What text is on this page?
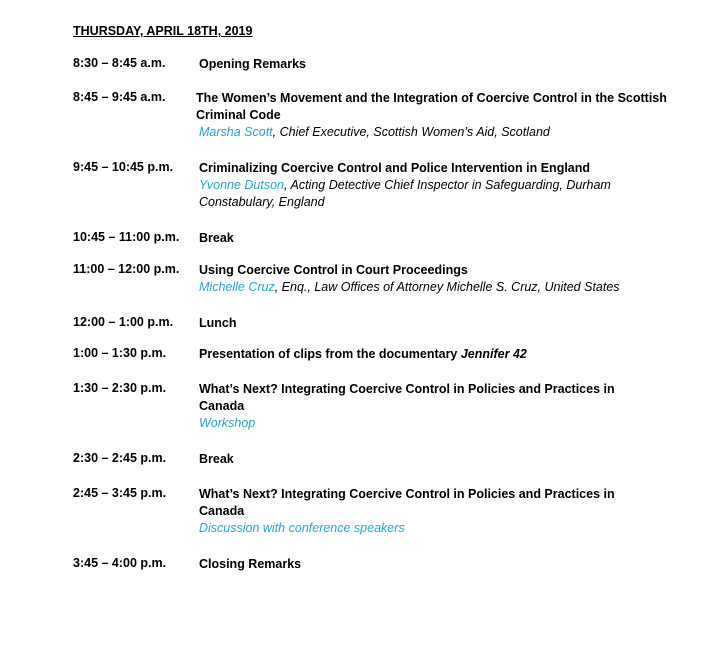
THURSDAY, APRIL 18TH, 2019
8:30 – 8:45 a.m.	Opening Remarks
8:45 – 9:45 a.m. The Women’s Movement and the Integration of Coercive Control in the Scottish Criminal Code
Marsha Scott, Chief Executive, Scottish Women’s Aid, Scotland
9:45 – 10:45 p.m. Criminalizing Coercive Control and Police Intervention in England
Yvonne Dutson, Acting Detective Chief Inspector in Safeguarding, Durham Constabulary, England
10:45 – 11:00 p.m. Break
11:00 – 12:00 p.m. Using Coercive Control in Court Proceedings
Michelle Cruz, Enq., Law Offices of Attorney Michelle S. Cruz, United States
12:00 – 1:00 p.m. Lunch
1:00 – 1:30 p.m.	Presentation of clips from the documentary Jennifer 42
1:30 – 2:30 p.m.	What’s Next? Integrating Coercive Control in Policies and Practices in Canada
Workshop
2:30 – 2:45 p.m.	Break
2:45 – 3:45 p.m.	What’s Next? Integrating Coercive Control in Policies and Practices in Canada
Discussion with conference speakers
3:45 – 4:00 p.m.	Closing Remarks
